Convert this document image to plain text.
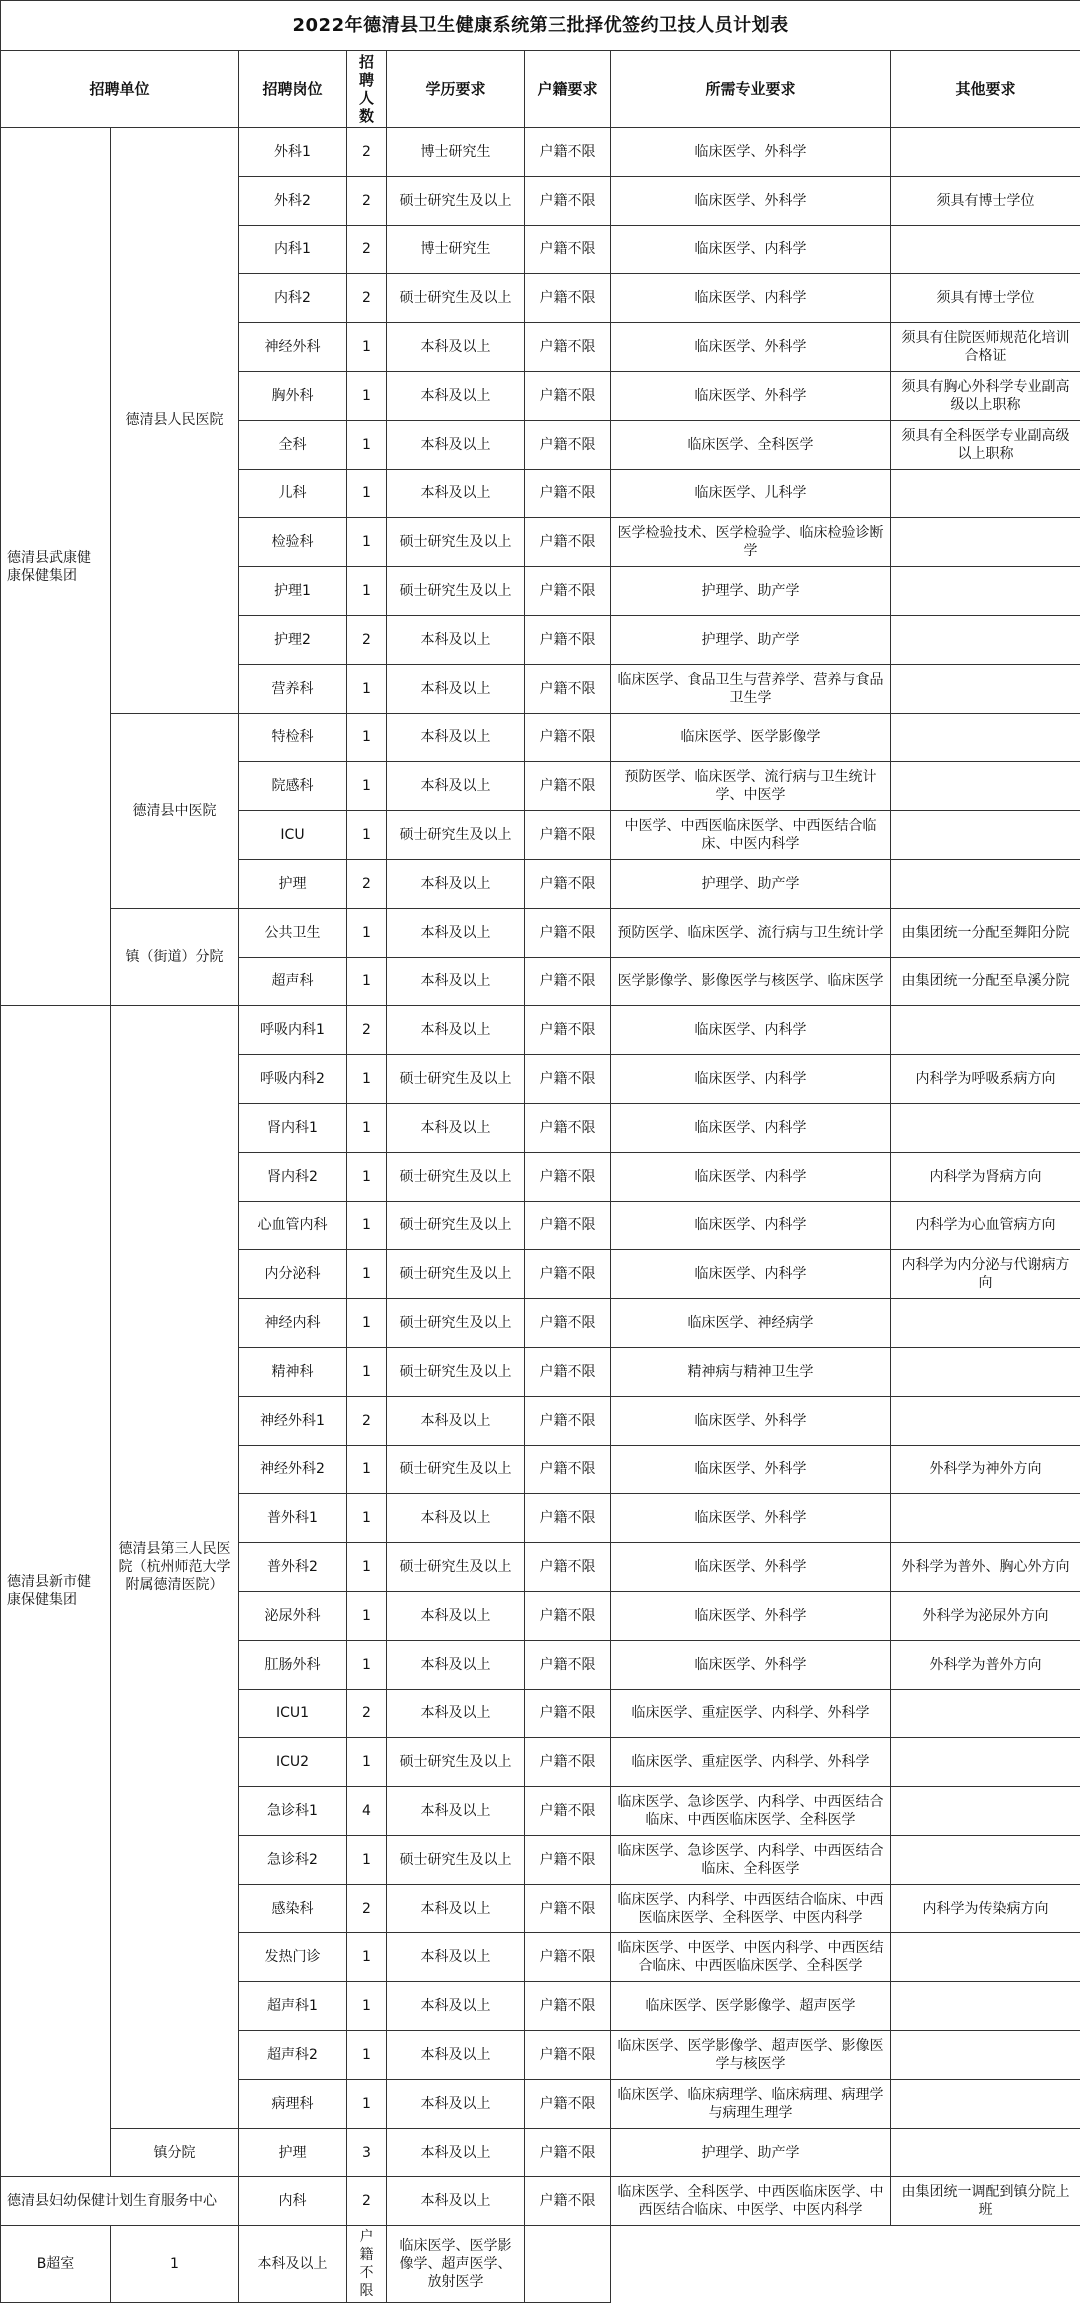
2022年德清县卫生健康系统第三批择优签约卫技人员计划表							
招聘单位		招聘岗位	招聘人数	学历要求	户籍要求	所需专业要求	其他要求
德清县武康健康保健集团	德清县人民医院	外科1	2	博士研究生	户籍不限	临床医学、外科学	
		外科2	2	硕士研究生及以上	户籍不限	临床医学、外科学	须具有博士学位
		内科1	2	博士研究生	户籍不限	临床医学、内科学	
		内科2	2	硕士研究生及以上	户籍不限	临床医学、内科学	须具有博士学位
		神经外科	1	本科及以上	户籍不限	临床医学、外科学	须具有住院医师规范化培训合格证
		胸外科	1	本科及以上	户籍不限	临床医学、外科学	须具有胸心外科学专业副高级以上职称
		全科	1	本科及以上	户籍不限	临床医学、全科医学	须具有全科医学专业副高级以上职称
		儿科	1	本科及以上	户籍不限	临床医学、儿科学	
		检验科	1	硕士研究生及以上	户籍不限	医学检验技术、医学检验学、临床检验诊断学	
		护理1	1	硕士研究生及以上	户籍不限	护理学、助产学	
		护理2	2	本科及以上	户籍不限	护理学、助产学	
		营养科	1	本科及以上	户籍不限	临床医学、食品卫生与营养学、营养与食品卫生学	
	德清县中医院	特检科	1	本科及以上	户籍不限	临床医学、医学影像学	
		院感科	1	本科及以上	户籍不限	预防医学、临床医学、流行病与卫生统计学、中医学	
		ICU	1	硕士研究生及以上	户籍不限	中医学、中西医临床医学、中西医结合临床、中医内科学	
		护理	2	本科及以上	户籍不限	护理学、助产学	
	镇（街道）分院	公共卫生	1	本科及以上	户籍不限	预防医学、临床医学、流行病与卫生统计学	由集团统一分配至舞阳分院
		超声科	1	本科及以上	户籍不限	医学影像学、影像医学与核医学、临床医学	由集团统一分配至阜溪分院
德清县新市健康保健集团	德清县第三人民医院（杭州师范大学附属德清医院）	呼吸内科1	2	本科及以上	户籍不限	临床医学、内科学	
		呼吸内科2	1	硕士研究生及以上	户籍不限	临床医学、内科学	内科学为呼吸系病方向
		肾内科1	1	本科及以上	户籍不限	临床医学、内科学	
		肾内科2	1	硕士研究生及以上	户籍不限	临床医学、内科学	内科学为肾病方向
		心血管内科	1	硕士研究生及以上	户籍不限	临床医学、内科学	内科学为心血管病方向
		内分泌科	1	硕士研究生及以上	户籍不限	临床医学、内科学	内科学为内分泌与代谢病方向
		神经内科	1	硕士研究生及以上	户籍不限	临床医学、神经病学	
		精神科	1	硕士研究生及以上	户籍不限	精神病与精神卫生学	
		神经外科1	2	本科及以上	户籍不限	临床医学、外科学	
		神经外科2	1	硕士研究生及以上	户籍不限	临床医学、外科学	外科学为神外方向
		普外科1	1	本科及以上	户籍不限	临床医学、外科学	
		普外科2	1	硕士研究生及以上	户籍不限	临床医学、外科学	外科学为普外、胸心外方向
		泌尿外科	1	本科及以上	户籍不限	临床医学、外科学	外科学为泌尿外方向
		肛肠外科	1	本科及以上	户籍不限	临床医学、外科学	外科学为普外方向
		ICU1	2	本科及以上	户籍不限	临床医学、重症医学、内科学、外科学	
		ICU2	1	硕士研究生及以上	户籍不限	临床医学、重症医学、内科学、外科学	
		急诊科1	4	本科及以上	户籍不限	临床医学、急诊医学、内科学、中西医结合临床、中西医临床医学、全科医学	
		急诊科2	1	硕士研究生及以上	户籍不限	临床医学、急诊医学、内科学、中西医结合临床、全科医学	
		感染科	2	本科及以上	户籍不限	临床医学、内科学、中西医结合临床、中西医临床医学、全科医学、中医内科学	内科学为传染病方向
		发热门诊	1	本科及以上	户籍不限	临床医学、中医学、中医内科学、中西医结合临床、中西医临床医学、全科医学	
		超声科1	1	本科及以上	户籍不限	临床医学、医学影像学、超声医学	
		超声科2	1	本科及以上	户籍不限	临床医学、医学影像学、超声医学、影像医学与核医学	
		病理科	1	本科及以上	户籍不限	临床医学、临床病理学、临床病理、病理学与病理生理学	
	镇分院	护理	3	本科及以上	户籍不限	护理学、助产学	
德清县妇幼保健计划生育服务中心		内科	2	本科及以上	户籍不限	临床医学、全科医学、中西医临床医学、中西医结合临床、中医学、中医内科学	由集团统一调配到镇分院上班
B超室	1	本科及以上	户籍不限	临床医学、医学影像学、超声医学、放射医学			
